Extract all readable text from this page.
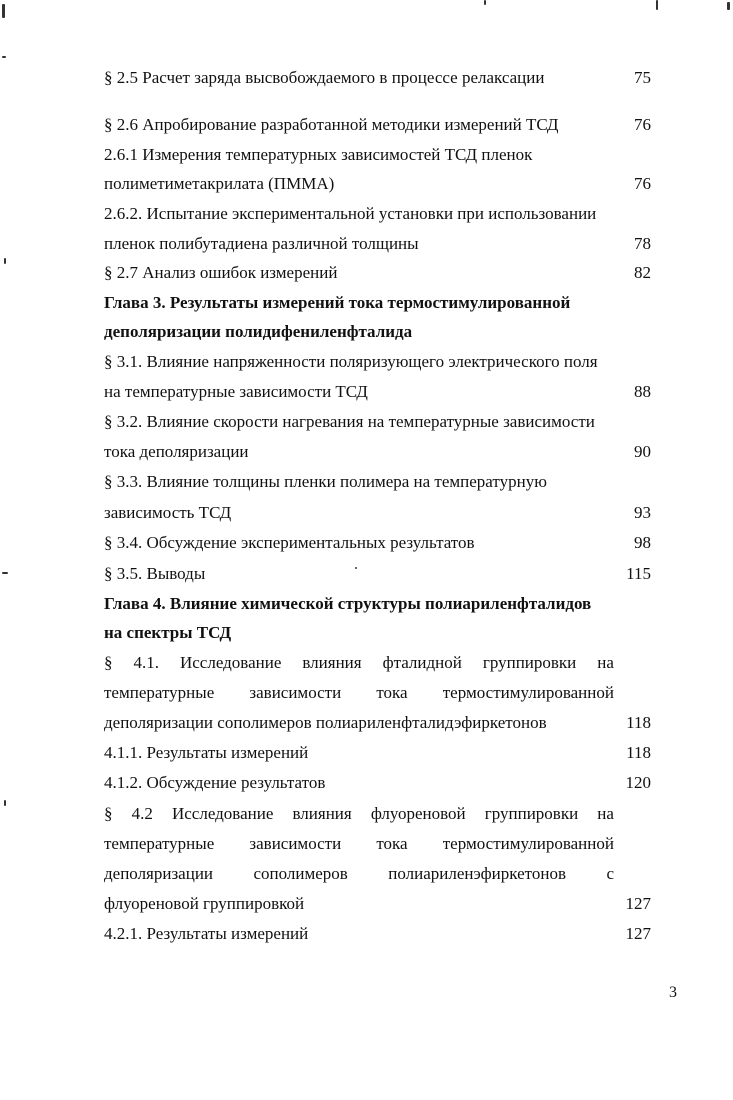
§ 2.5 Расчет заряда высвобождаемого в процессе релаксации	75
§ 2.6 Апробирование разработанной методики измерений ТСД	76
2.6.1 Измерения температурных зависимостей ТСД пленок
полиметиметакрилата (ПММА)	76
2.6.2. Испытание экспериментальной установки при использовании
пленок полибутадиена различной толщины	78
§ 2.7 Анализ ошибок измерений	82
Глава 3. Результаты измерений тока термостимулированной
деполяризации полидифениленфталида
§ 3.1. Влияние напряженности поляризующего электрического поля
на температурные зависимости ТСД	88
§ 3.2. Влияние скорости нагревания на температурные зависимости
тока деполяризации	90
§ 3.3. Влияние толщины пленки полимера на температурную
зависимость ТСД	93
§ 3.4. Обсуждение экспериментальных результатов	98
§ 3.5. Выводы	115
Глава 4. Влияние химической структуры полиариленфталидов
на спектры ТСД
§ 4.1. Исследование влияния фталидной группировки на
температурные зависимости тока термостимулированной
деполяризации сополимеров полиариленфталидэфиркетонов	118
4.1.1. Результаты измерений	118
4.1.2. Обсуждение результатов	120
§ 4.2 Исследование влияния флуореновой группировки на
температурные зависимости тока термостимулированной
деполяризации сополимеров полиариленэфиркетонов с
флуореновой группировкой	127
4.2.1. Результаты измерений	127
3
